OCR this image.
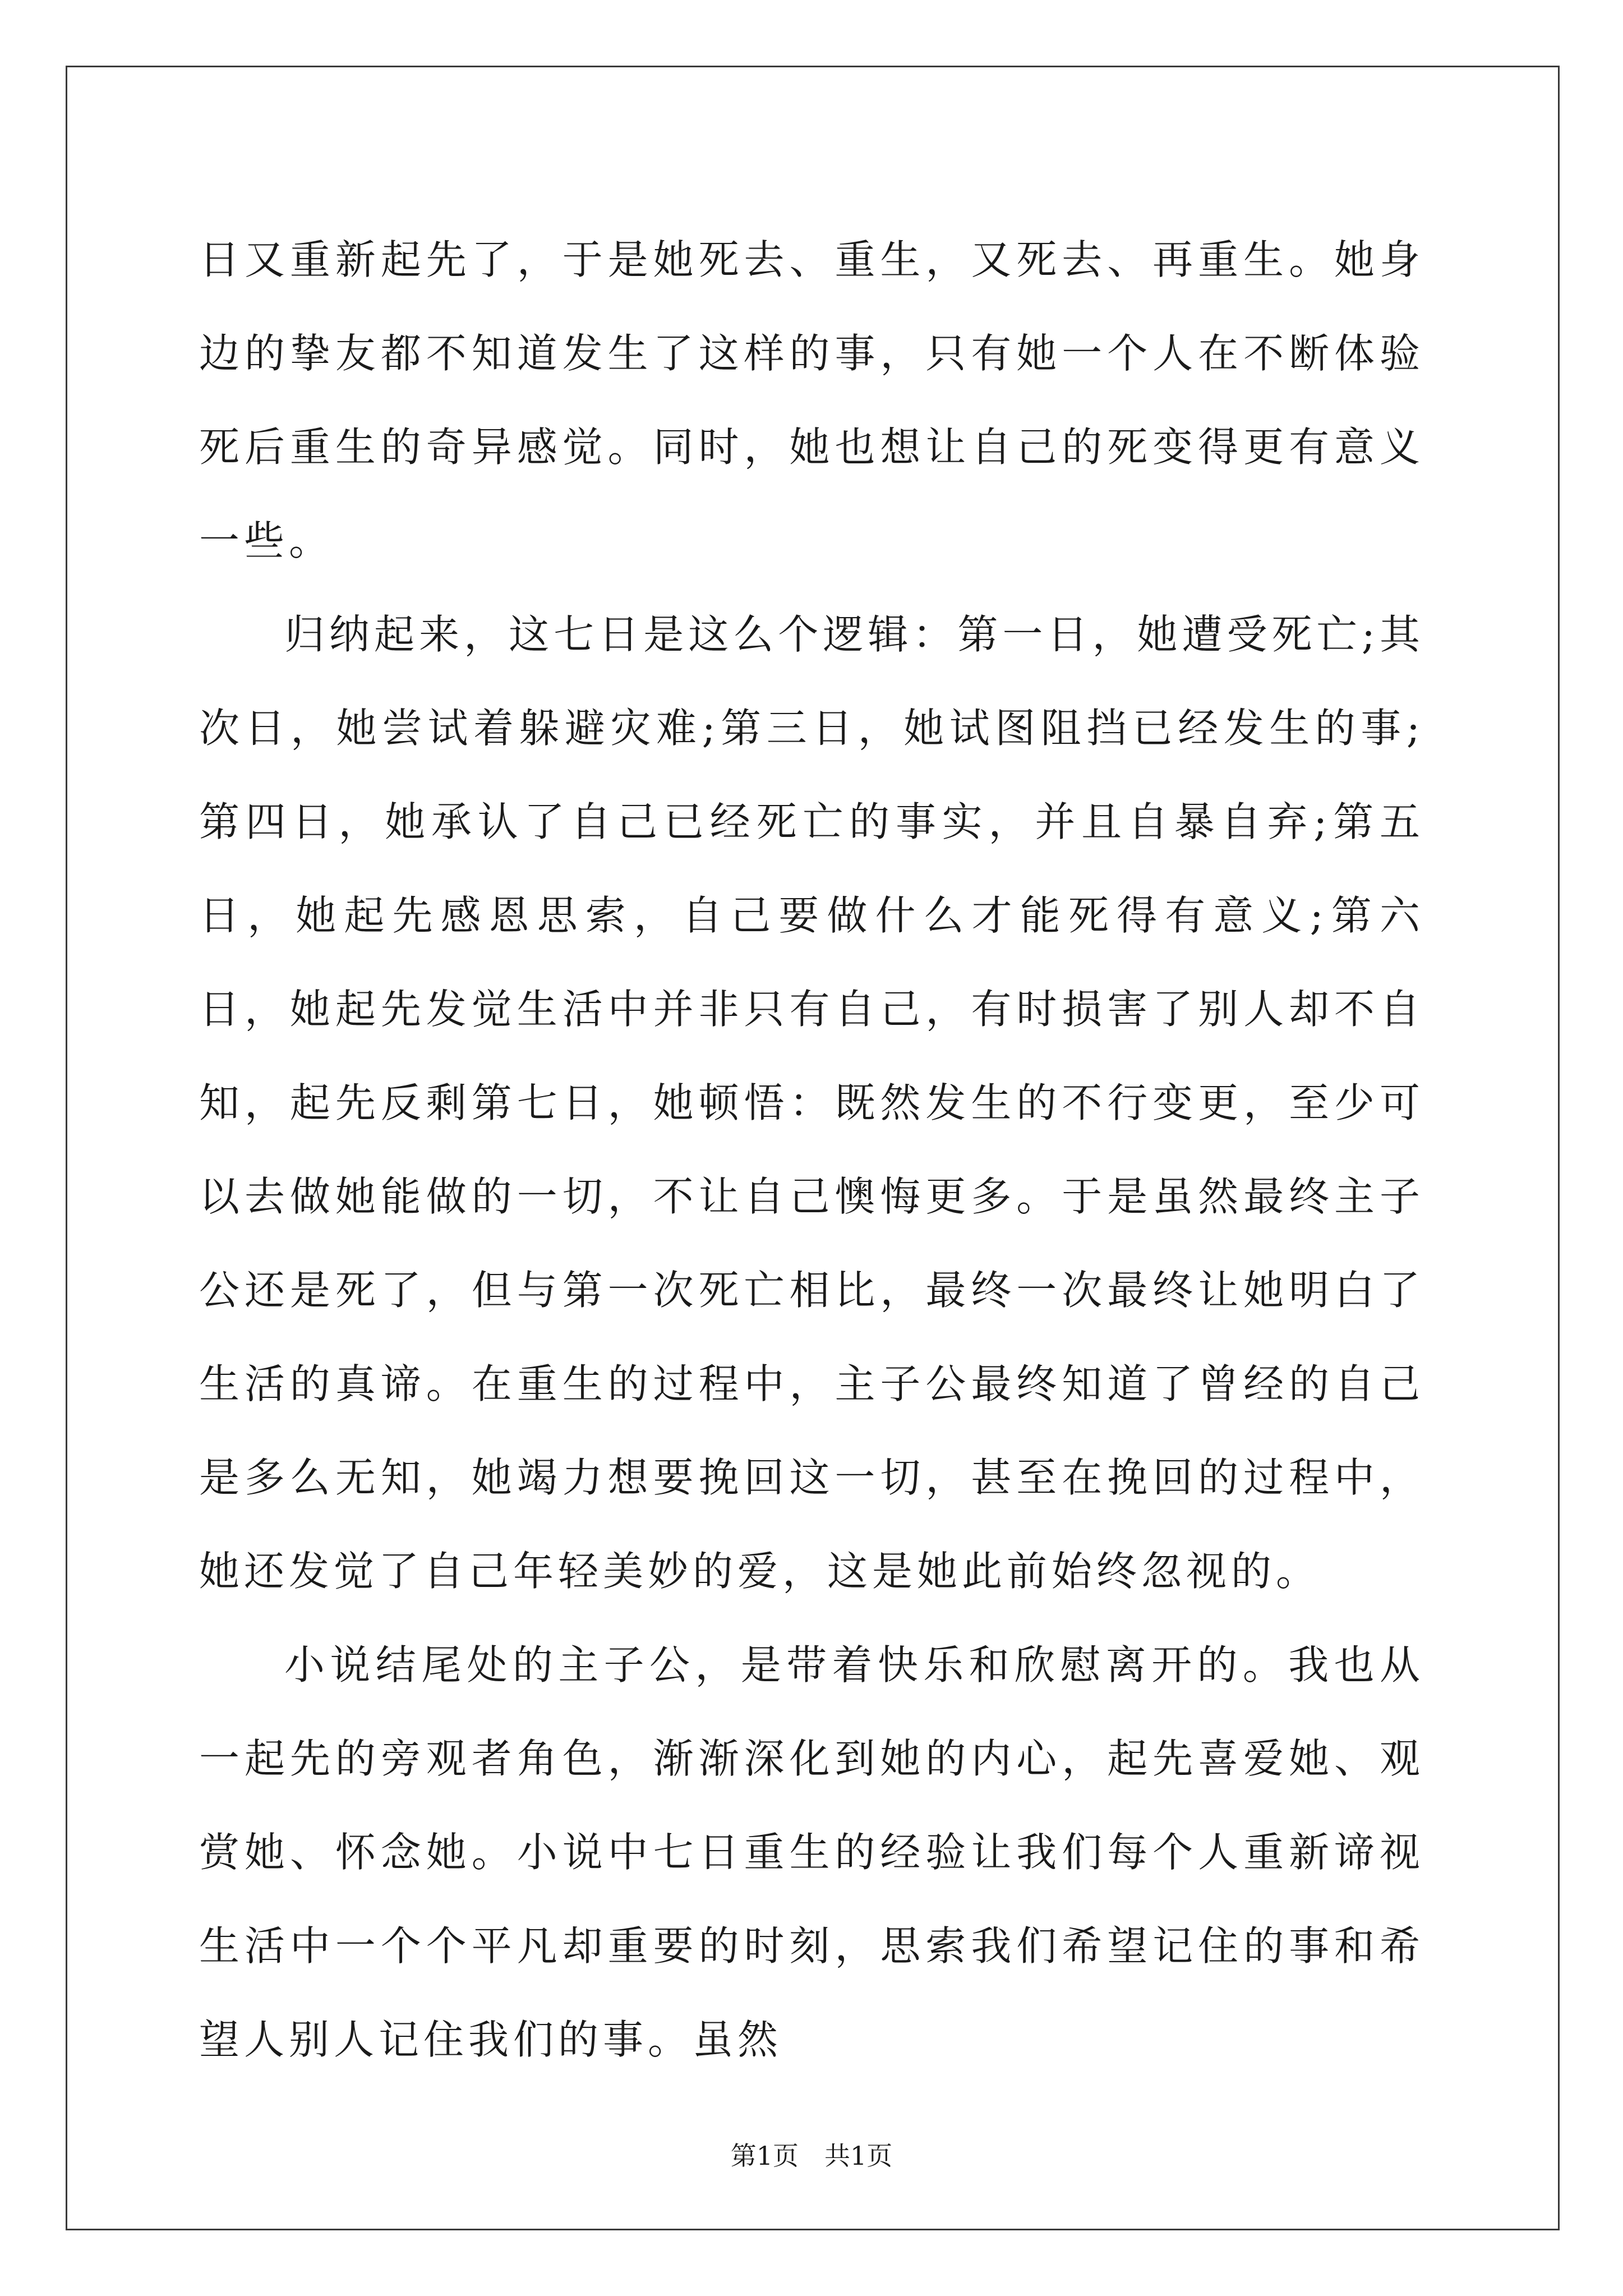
日又重新起先了，于是她死去、重生，又死去、再重生。她身边的挚友都不知道发生了这样的事，只有她一个人在不断体验死后重生的奇异感觉。同时，她也想让自己的死变得更有意义一些。

归纳起来，这七日是这么个逻辑：第一日，她遭受死亡;其次日，她尝试着躲避灾难;第三日，她试图阻挡已经发生的事;第四日，她承认了自己已经死亡的事实，并且自暴自弃;第五日，她起先感恩思索，自己要做什么才能死得有意义;第六日，她起先发觉生活中并非只有自己，有时损害了别人却不自知，起先反剩第七日，她顿悟：既然发生的不行变更，至少可以去做她能做的一切，不让自己懊悔更多。于是虽然最终主子公还是死了，但与第一次死亡相比，最终一次最终让她明白了生活的真谛。在重生的过程中，主子公最终知道了曾经的自己是多么无知，她竭力想要挽回这一切，甚至在挽回的过程中，她还发觉了自己年轻美妙的爱，这是她此前始终忽视的。

小说结尾处的主子公，是带着快乐和欣慰离开的。我也从一起先的旁观者角色，渐渐深化到她的内心，起先喜爱她、观赏她、怀念她。小说中七日重生的经验让我们每个人重新谛视生活中一个个平凡却重要的时刻，思索我们希望记住的事和希望人别人记住我们的事。虽然

第1页 共1页
